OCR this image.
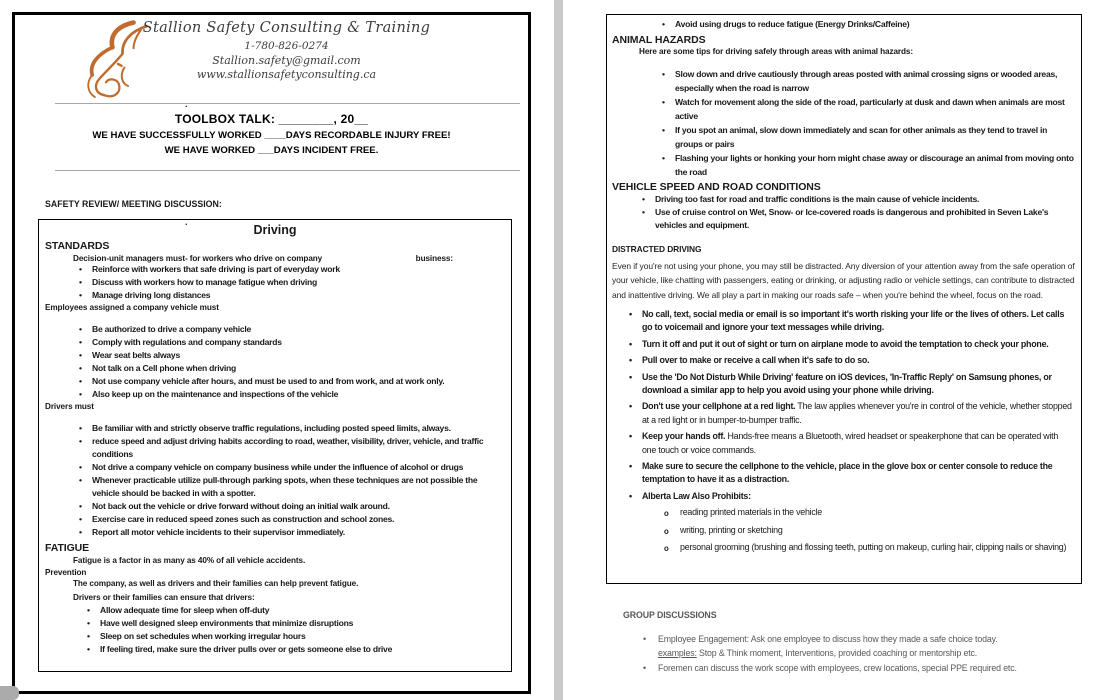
Stallion Safety Consulting & Training
1-780-826-0274
Stallion.safety@gmail.com
www.stallionsafetyconsulting.ca
.
TOOLBOX TALK: ________, 20__
WE HAVE SUCCESSFULLY WORKED ____DAYS RECORDABLE INJURY FREE!
WE HAVE WORKED ___DAYS INCIDENT FREE.
SAFETY REVIEW/ MEETING DISCUSSION:
.
Driving
STANDARDS
Decision-unit managers must- for workers who drive on company	business:
•	Reinforce with workers that safe driving is part of everyday work
•	Discuss with workers how to manage fatigue when driving
•	Manage driving long distances
Employees assigned a company vehicle must
•	Be authorized to drive a company vehicle
•	Comply with regulations and company standards
•	Wear seat belts always
•	Not talk on a Cell phone when driving
•	Not use company vehicle after hours, and must be used to and from work, and at work only.
•	Also keep up on the maintenance and inspections of the vehicle
Drivers must
•	Be familiar with and strictly observe traffic regulations, including posted speed limits, always.
•	reduce speed and adjust driving habits according to road, weather, visibility, driver, vehicle, and traffic conditions
•	Not drive a company vehicle on company business while under the influence of alcohol or drugs
•	Whenever practicable utilize pull-through parking spots, when these techniques are not possible the vehicle should be backed in with a spotter.
•	Not back out the vehicle or drive forward without doing an initial walk around.
•	Exercise care in reduced speed zones such as construction and school zones.
•	Report all motor vehicle incidents to their supervisor immediately.
FATIGUE
Fatigue is a factor in as many as 40% of all vehicle accidents.
Prevention
The company, as well as drivers and their families can help prevent fatigue.
Drivers or their families can ensure that drivers:
•	Allow adequate time for sleep when off-duty
•	Have well designed sleep environments that minimize disruptions
•	Sleep on set schedules when working irregular hours
•	If feeling tired, make sure the driver pulls over or gets someone else to drive
•	Avoid using drugs to reduce fatigue (Energy Drinks/Caffeine)
ANIMAL HAZARDS
Here are some tips for driving safely through areas with animal hazards:
•	Slow down and drive cautiously through areas posted with animal crossing signs or wooded areas, especially when the road is narrow
•	Watch for movement along the side of the road, particularly at dusk and dawn when animals are most active
•	If you spot an animal, slow down immediately and scan for other animals as they tend to travel in groups or pairs
•	Flashing your lights or honking your horn might chase away or discourage an animal from moving onto the road
VEHICLE SPEED AND ROAD CONDITIONS
•	Driving too fast for road and traffic conditions is the main cause of vehicle incidents.
•	Use of cruise control on Wet, Snow- or Ice-covered roads is dangerous and prohibited in Seven Lake's vehicles and equipment.
DISTRACTED DRIVING
Even if you're not using your phone, you may still be distracted. Any diversion of your attention away from the safe operation of your vehicle, like chatting with passengers, eating or drinking, or adjusting radio or vehicle settings, can contribute to distracted and inattentive driving. We all play a part in making our roads safe – when you're behind the wheel, focus on the road.
•	No call, text, social media or email is so important it's worth risking your life or the lives of others. Let calls go to voicemail and ignore your text messages while driving.
•	Turn it off and put it out of sight or turn on airplane mode to avoid the temptation to check your phone.
•	Pull over to make or receive a call when it's safe to do so.
•	Use the 'Do Not Disturb While Driving' feature on iOS devices, 'In-Traffic Reply' on Samsung phones, or download a similar app to help you avoid using your phone while driving.
•	Don't use your cellphone at a red light. The law applies whenever you're in control of the vehicle, whether stopped at a red light or in bumper-to-bumper traffic.
•	Keep your hands off. Hands-free means a Bluetooth, wired headset or speakerphone that can be operated with one touch or voice commands.
•	Make sure to secure the cellphone to the vehicle, place in the glove box or center console to reduce the temptation to have it as a distraction.
•	Alberta Law Also Prohibits:
o	reading printed materials in the vehicle
o	writing, printing or sketching
o	personal grooming (brushing and flossing teeth, putting on makeup, curling hair, clipping nails or shaving)
GROUP DISCUSSIONS
•	Employee Engagement: Ask one employee to discuss how they made a safe choice today.
examples: Stop & Think moment, Interventions, provided coaching or mentorship etc.
•	Foremen can discuss the work scope with employees, crew locations, special PPE required etc.
